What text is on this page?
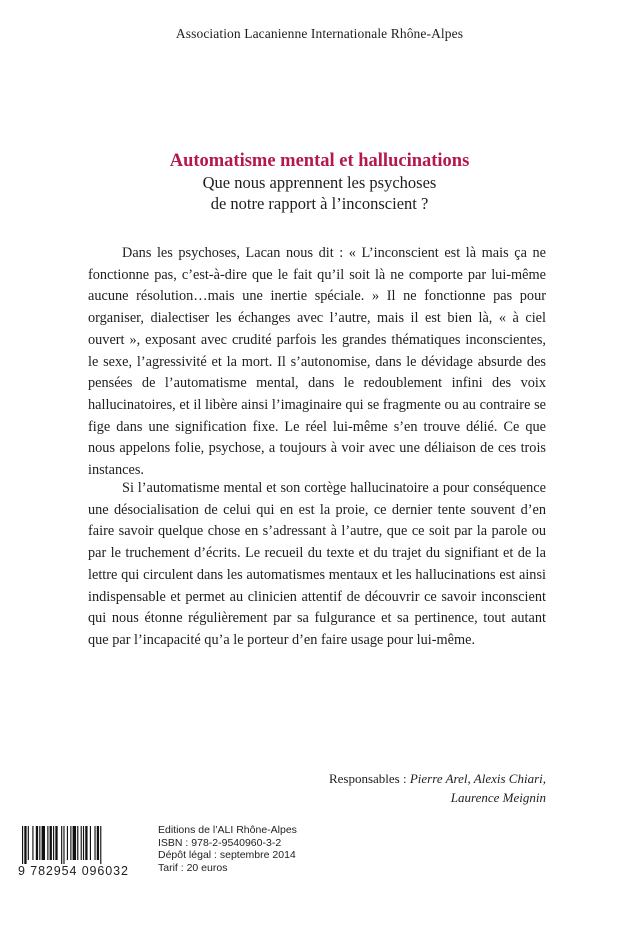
Association Lacanienne Internationale Rhône-Alpes
Automatisme mental et hallucinations
Que nous apprennent les psychoses
de notre rapport à l’inconscient ?

Dans les psychoses, Lacan nous dit : « L’inconscient est là mais ça ne fonctionne pas, c’est-à-dire que le fait qu’il soit là ne comporte par lui-même aucune résolution…mais une inertie spéciale. » Il ne fonctionne pas pour organiser, dialectiser les échanges avec l’autre, mais il est bien là, « à ciel ouvert », exposant avec crudité parfois les grandes thématiques inconscientes, le sexe, l’agressivité et la mort. Il s’autonomise, dans le dévidage absurde des pensées de l’automatisme mental, dans le redoublement infini des voix hallucinatoires, et il libère ainsi l’imaginaire qui se fragmente ou au contraire se fige dans une signification fixe. Le réel lui-même s’en trouve délié. Ce que nous appelons folie, psychose, a toujours à voir avec une déliaison de ces trois instances.

Si l’automatisme mental et son cortège hallucinatoire a pour conséquence une désocialisation de celui qui en est la proie, ce dernier tente souvent d’en faire savoir quelque chose en s’adressant à l’autre, que ce soit par la parole ou par le truchement d’écrits. Le recueil du texte et du trajet du signifiant et de la lettre qui circulent dans les automatismes mentaux et les hallucinations est ainsi indispensable et permet au clinicien attentif de découvrir ce savoir inconscient qui nous étonne régulièrement par sa fulgurance et sa pertinence, tout autant que par l’incapacité qu’a le porteur d’en faire usage pour lui-même.

Responsables : Pierre Arel, Alexis Chiari,
Laurence Meignin
9 782954 096032
Editions de l’ALI Rhône-Alpes
ISBN : 978-2-9540960-3-2
Dépôt légal : septembre 2014
Tarif : 20 euros
